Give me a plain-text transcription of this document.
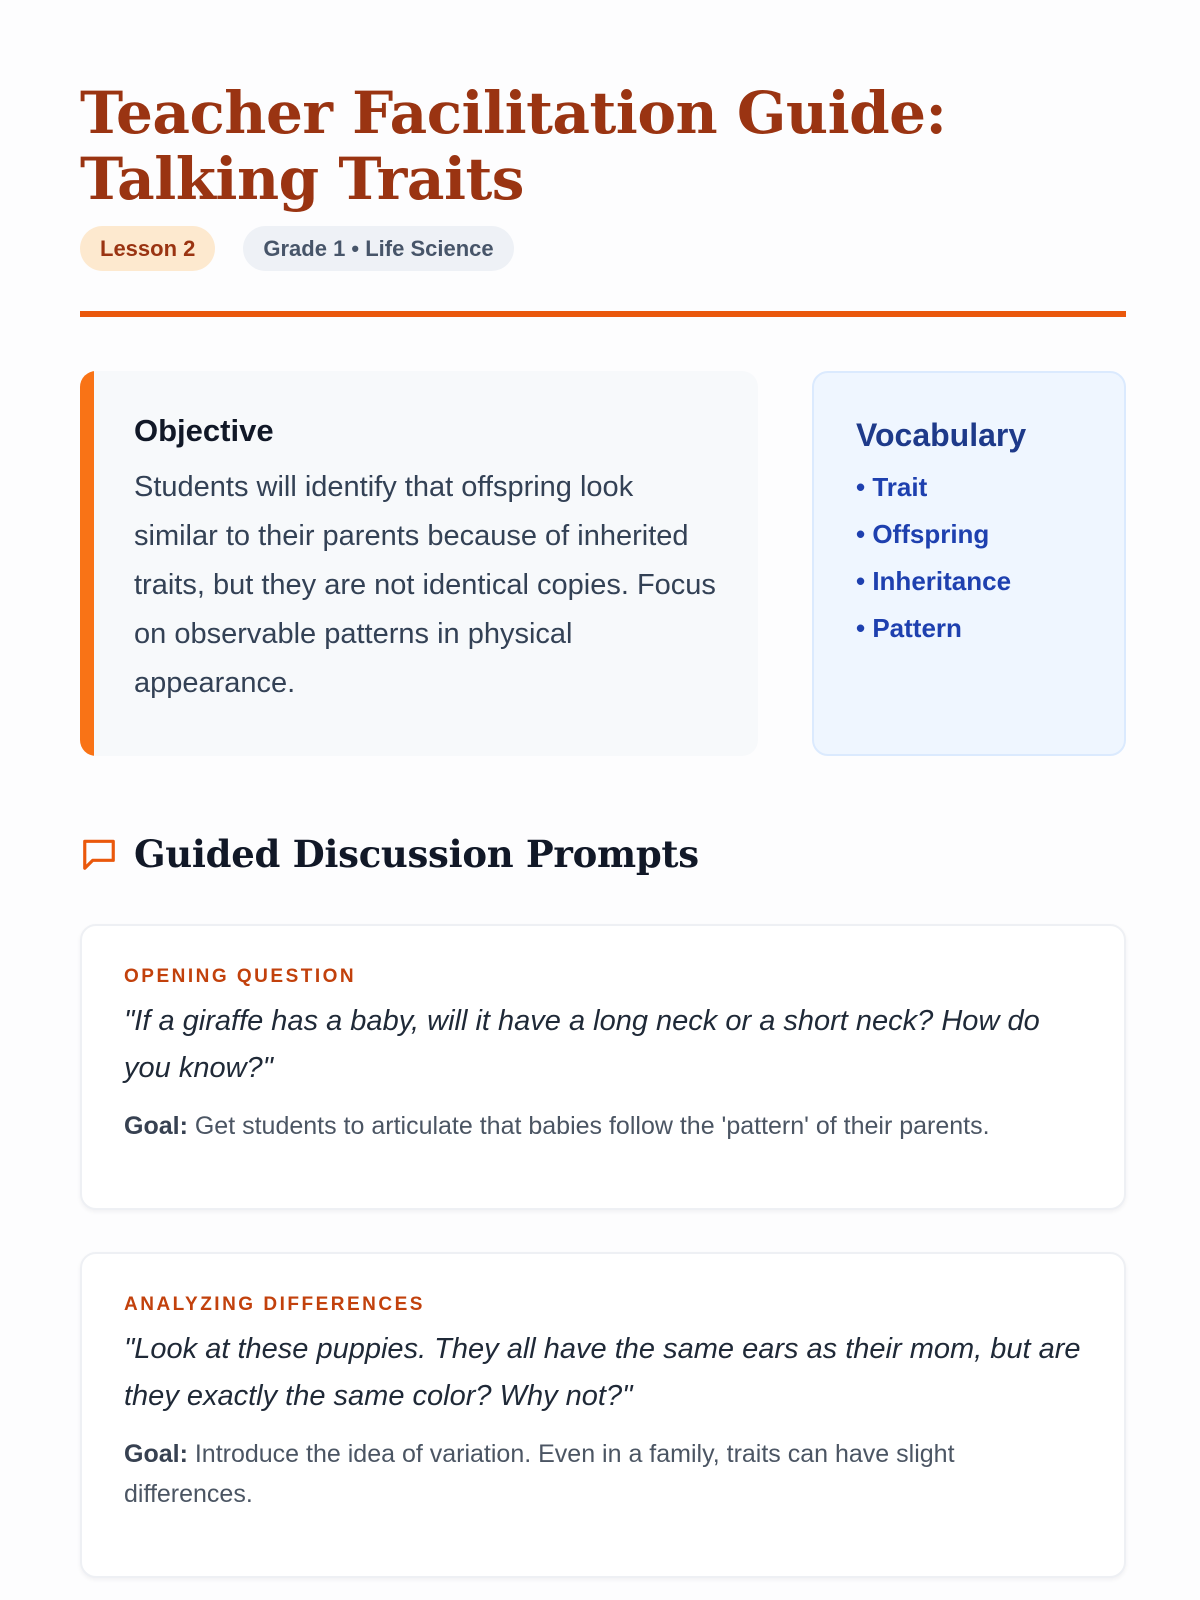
Teacher Facilitation Guide: Talking Traits
Lesson 2	Grade 1 • Life Science
Objective

Students will identify that offspring look similar to their parents because of inherited traits, but they are not identical copies. Focus on observable patterns in physical appearance.

Vocabulary
• Trait
• Offspring
• Inheritance
• Pattern
Guided Discussion Prompts
OPENING QUESTION

"If a giraffe has a baby, will it have a long neck or a short neck? How do you know?"

Goal: Get students to articulate that babies follow the 'pattern' of their parents.

ANALYZING DIFFERENCES

"Look at these puppies. They all have the same ears as their mom, but are they exactly the same color? Why not?"

Goal: Introduce the idea of variation. Even in a family, traits can have slight differences.
